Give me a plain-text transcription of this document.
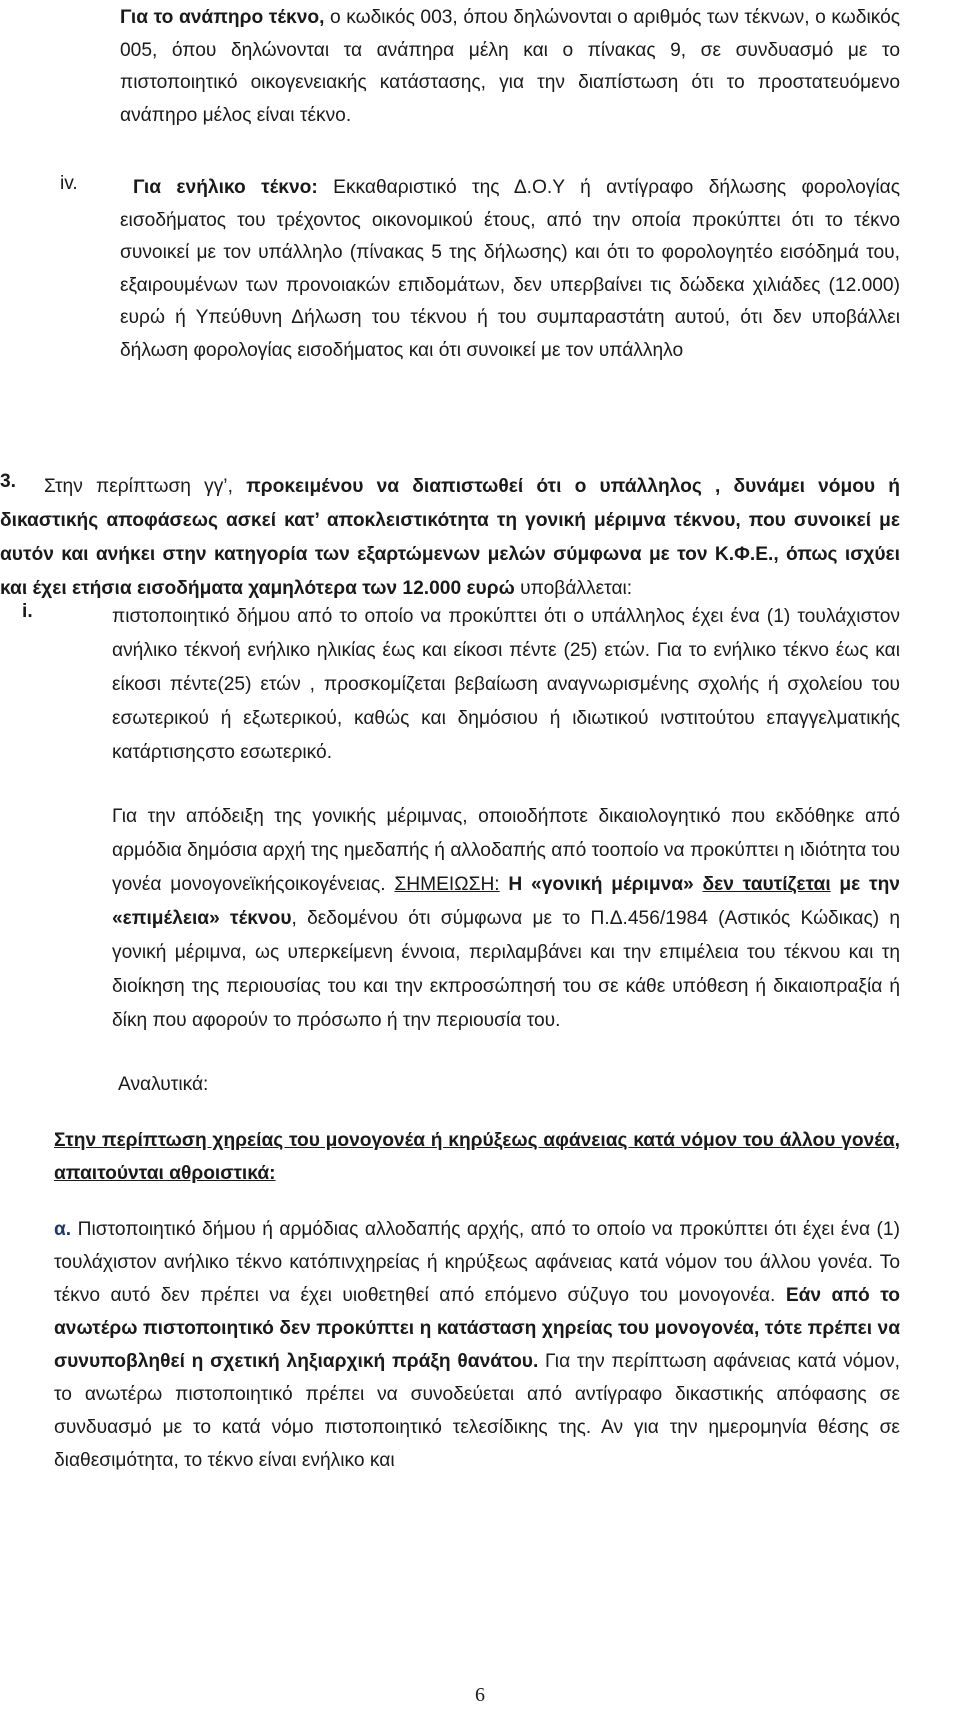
Για το ανάπηρο τέκνο, ο κωδικός 003, όπου δηλώνονται ο αριθμός των τέκνων, ο κωδικός 005, όπου δηλώνονται τα ανάπηρα μέλη και ο πίνακας 9, σε συνδυασμό με το πιστοποιητικό οικογενειακής κατάστασης, για την διαπίστωση ότι το προστατευόμενο ανάπηρο μέλος είναι τέκνο.

iv.	Για ενήλικο τέκνο: Εκκαθαριστικό της Δ.Ο.Υ ή αντίγραφο δήλωσης φορολογίας εισοδήματος του τρέχοντος οικονομικού έτους, από την οποία προκύπτει ότι το τέκνο συνοικεί με τον υπάλληλο (πίνακας 5 της δήλωσης) και ότι το φορολογητέο εισόδημά του, εξαιρουμένων των προνοιακών επιδομάτων, δεν υπερβαίνει τις δώδεκα χιλιάδες (12.000) ευρώ ή Υπεύθυνη Δήλωση του τέκνου ή του συμπαραστάτη αυτού, ότι δεν υποβάλλει δήλωση φορολογίας εισοδήματος και ότι συνοικεί με τον υπάλληλο

3.	Στην περίπτωση γγ’, προκειμένου να διαπιστωθεί ότι ο υπάλληλος , δυνάμει νόμου ή δικαστικής αποφάσεως ασκεί κατ’ αποκλειστικότητα τη γονική μέριμνα τέκνου, που συνοικεί με αυτόν και ανήκει στην κατηγορία των εξαρτώμενων μελών σύμφωνα με τον Κ.Φ.Ε., όπως ισχύει και έχει ετήσια εισοδήματα χαμηλότερα των 12.000 ευρώ υποβάλλεται:

i.	πιστοποιητικό δήμου από το οποίο να προκύπτει ότι ο υπάλληλος έχει ένα (1) τουλάχιστον ανήλικο τέκνοή ενήλικο ηλικίας έως και είκοσι πέντε (25) ετών. Για το ενήλικο τέκνο έως και είκοσι πέντε(25) ετών , προσκομίζεται βεβαίωση αναγνωρισμένης σχολής ή σχολείου του εσωτερικού ή εξωτερικού, καθώς και δημόσιου ή ιδιωτικού ινστιτούτου επαγγελματικής κατάρτισηςστο εσωτερικό.

Για την απόδειξη της γονικής μέριμνας, οποιοδήποτε δικαιολογητικό που εκδόθηκε από αρμόδια δημόσια αρχή της ημεδαπής ή αλλοδαπής από τοοποίο να προκύπτει η ιδιότητα του γονέα μονογονεϊκήςοικογένειας. ΣΗΜΕΙΩΣΗ: Η «γονική μέριμνα» δεν ταυτίζεται με την «επιμέλεια» τέκνου, δεδομένου ότι σύμφωνα με το Π.Δ.456/1984 (Αστικός Κώδικας) η γονική μέριμνα, ως υπερκείμενη έννοια, περιλαμβάνει και την επιμέλεια του τέκνου και τη διοίκηση της περιουσίας του και την εκπροσώπησή του σε κάθε υπόθεση ή δικαιοπραξία ή δίκη που αφορούν το πρόσωπο ή την περιουσία του.

Αναλυτικά:

Στην περίπτωση χηρείας του μονογονέα ή κηρύξεως αφάνειας κατά νόμον του άλλου γονέα, απαιτούνται αθροιστικά:

α. Πιστοποιητικό δήμου ή αρμόδιας αλλοδαπής αρχής, από το οποίο να προκύπτει ότι έχει ένα (1) τουλάχιστον ανήλικο τέκνο κατόπινχηρείας ή κηρύξεως αφάνειας κατά νόμον του άλλου γονέα. Το τέκνο αυτό δεν πρέπει να έχει υιοθετηθεί από επόμενο σύζυγο του μονογονέα. Εάν από το ανωτέρω πιστοποιητικό δεν προκύπτει η κατάσταση χηρείας του μονογονέα, τότε πρέπει να συνυποβληθεί η σχετική ληξιαρχική πράξη θανάτου. Για την περίπτωση αφάνειας κατά νόμον, το ανωτέρω πιστοποιητικό πρέπει να συνοδεύεται από αντίγραφο δικαστικής απόφασης σε συνδυασμό με το κατά νόμο πιστοποιητικό τελεσίδικης της. Αν για την ημερομηνία θέσης σε διαθεσιμότητα, το τέκνο είναι ενήλικο και

6
